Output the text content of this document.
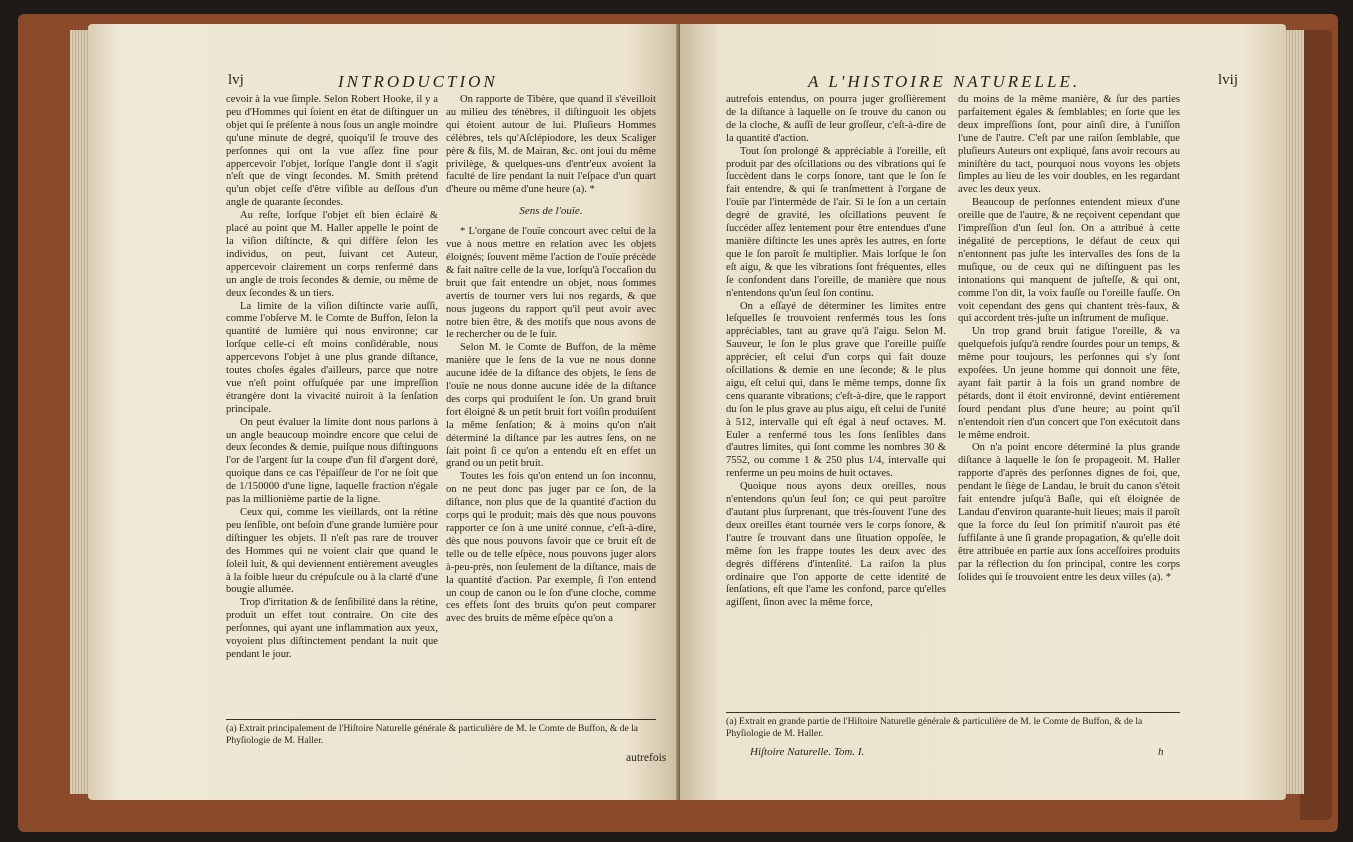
lvj	INTRODUCTION

cevoir à la vue ſimple. Selon Robert Hooke, il y a peu d'Hommes qui ſoient en état de diſtinguer un objet qui ſe préſente à nous ſous un angle moindre qu'une minute de degré, quoiqu'il ſe trouve des perſonnes qui ont la vue aſſez fine pour appercevoir l'objet, lorſque l'angle dont il s'agit n'eſt que de vingt ſecondes. M. Smith prétend qu'un objet ceſſe d'être viſible au deſſous d'un angle de quarante ſecondes.

Au reſte, lorſque l'objet eſt bien éclairé & placé au point que M. Haller appelle le point de la viſion diſtincte, & qui diffère ſelon les individus, on peut, ſuivant cet Auteur, appercevoir clairement un corps renfermé dans un angle de trois ſecondes & demie, ou même de deux ſecondes & un tiers.

La limite de la viſion diſtincte varie auſſi, comme l'obſerve M. le Comte de Buffon, ſelon la quantité de lumière qui nous environne; car lorſque celle-ci eſt moins conſidérable, nous appercevons l'objet à une plus grande diſtance, toutes choſes égales d'ailleurs, parce que notre vue n'eſt point offuſquée par une impreſſion étrangère dont la vivacité nuiroit à la ſenſation principale.

On peut évaluer la limite dont nous parlons à un angle beaucoup moindre encore que celui de deux ſecondes & demie, puiſque nous diſtinguons l'or de l'argent ſur la coupe d'un fil d'argent doré, quoique dans ce cas l'épaiſſeur de l'or ne ſoit que de 1/150000 d'une ligne, laquelle fraction n'égale pas la millionième partie de la ligne.

Ceux qui, comme les vieillards, ont la rétine peu ſenſible, ont beſoin d'une grande lumière pour diſtinguer les objets. Il n'eſt pas rare de trouver des Hommes qui ne voient clair que quand le ſoleil luit, & qui deviennent entièrement aveugles à la foible lueur du crépuſcule ou à la clarté d'une bougie allumée.

Trop d'irritation & de ſenſibilité dans la rétine, produit un effet tout contraire. On cite des perſonnes, qui ayant une inflammation aux yeux, voyoient plus diſtinctement pendant la nuit que pendant le jour.

On rapporte de Tibère, que quand il s'éveilloit au milieu des ténèbres, il diſtinguoit les objets qui étoient autour de lui. Pluſieurs Hommes célèbres, tels qu'Aſclépiodore, les deux Scaliger père & fils, M. de Mairan, &c. ont joui du même privilège, & quelques-uns d'entr'eux avoient la faculté de lire pendant la nuit l'eſpace d'un quart d'heure ou même d'une heure (a). *

Sens de l'ouïe.

* L'organe de l'ouïe concourt avec celui de la vue à nous mettre en relation avec les objets éloignés; ſouvent même l'action de l'ouïe précède & fait naître celle de la vue, lorſqu'à l'occaſion du bruit que fait entendre un objet, nous ſommes avertis de tourner vers lui nos regards, & que nous jugeons du rapport qu'il peut avoir avec notre bien être, & des motifs que nous avons de le rechercher ou de le fuir.

Selon M. le Comte de Buffon, de la même manière que le ſens de la vue ne nous donne aucune idée de la diſtance des objets, le ſens de l'ouïe ne nous donne aucune idée de la diſtance des corps qui produiſent le ſon. Un grand bruit fort éloigné & un petit bruit fort voiſin produiſent la même ſenſation; & à moins qu'on n'ait déterminé la diſtance par les autres ſens, on ne ſait point ſi ce qu'on a entendu eſt en effet un grand ou un petit bruit.

Toutes les fois qu'on entend un ſon inconnu, on ne peut donc pas juger par ce ſon, de la diſtance, non plus que de la quantité d'action du corps qui le produit; mais dès que nous pouvons rapporter ce ſon à une unité connue, c'eſt-à-dire, dès que nous pouvons ſavoir que ce bruit eſt de telle ou de telle eſpèce, nous pouvons juger alors à-peu-près, non ſeulement de la diſtance, mais de la quantité d'action. Par exemple, ſi l'on entend un coup de canon ou le ſon d'une cloche, comme ces effets ſont des bruits qu'on peut comparer avec des bruits de même eſpèce qu'on a

(a) Extrait principalement de l'Hiſtoire Naturelle générale & particulière de M. le Comte de Buffon, & de la Phyſiologie de M. Haller.
autrefois
A L'HISTOIRE NATURELLE.	lvij

autrefois entendus, on pourra juger groſſièrement de la diſtance à laquelle on ſe trouve du canon ou de la cloche, & auſſi de leur groſſeur, c'eſt-à-dire de la quantité d'action.

Tout ſon prolongé & appréciable à l'oreille, eſt produit par des oſcillations ou des vibrations qui ſe ſuccèdent dans le corps ſonore, tant que le ſon ſe fait entendre, & qui ſe tranſmettent à l'organe de l'ouïe par l'intermède de l'air. Si le ſon a un certain degré de gravité, les oſcillations peuvent ſe ſuccéder aſſez lentement pour être entendues d'une manière diſtincte les unes après les autres, en ſorte que le ſon paroît ſe multiplier. Mais lorſque le ſon eſt aigu, & que les vibrations ſont fréquentes, elles ſe confondent dans l'oreille, de manière que nous n'entendons qu'un ſeul ſon continu.

On a eſſayé de déterminer les limites entre leſquelles ſe trouvoient renfermés tous les ſons appréciables, tant au grave qu'à l'aigu. Selon M. Sauveur, le ſon le plus grave que l'oreille puiſſe apprécier, eſt celui d'un corps qui fait douze oſcillations & demie en une ſeconde; & le plus aigu, eſt celui qui, dans le même temps, donne ſix cens quarante vibrations; c'eſt-à-dire, que le rapport du ſon le plus grave au plus aigu, eſt celui de l'unité à 512, intervalle qui eſt égal à neuf octaves. M. Euler a renfermé tous les ſons ſenſibles dans d'autres limites, qui ſont comme les nombres 30 & 7552, ou comme 1 & 250 plus 1/4, intervalle qui renferme un peu moins de huit octaves.

Quoique nous ayons deux oreilles, nous n'entendons qu'un ſeul ſon; ce qui peut paroître d'autant plus ſurprenant, que très-ſouvent l'une des deux oreilles étant tournée vers le corps ſonore, & l'autre ſe trouvant dans une ſituation oppoſée, le même ſon les frappe toutes les deux avec des degrés différens d'intenſité. La raiſon la plus ordinaire que l'on apporte de cette identité de ſenſations, eſt que l'ame les confond, parce qu'elles agiſſent, ſinon avec la même force,

du moins de la même manière, & ſur des parties parfaitement égales & ſemblables; en ſorte que les deux impreſſions ſont, pour ainſi dire, à l'uniſſon l'une de l'autre. C'eſt par une raiſon ſemblable, que pluſieurs Auteurs ont expliqué, ſans avoir recours au miniſtère du tact, pourquoi nous voyons les objets ſimples au lieu de les voir doubles, en les regardant avec les deux yeux.

Beaucoup de perſonnes entendent mieux d'une oreille que de l'autre, & ne reçoivent cependant que l'impreſſion d'un ſeul ſon. On a attribué à cette inégalité de perceptions, le défaut de ceux qui n'entonnent pas juſte les intervalles des ſons de la muſique, ou de ceux qui ne diſtinguent pas les intonations qui manquent de juſteſſe, & qui ont, comme l'on dit, la voix fauſſe ou l'oreille fauſſe. On voit cependant des gens qui chantent très-faux, & qui accordent très-juſte un inſtrument de muſique.

Un trop grand bruit fatigue l'oreille, & va quelquefois juſqu'à rendre ſourdes pour un temps, & même pour toujours, les perſonnes qui s'y ſont expoſées. Un jeune homme qui donnoit une fête, ayant fait partir à la fois un grand nombre de pétards, dont il étoit environné, devint entièrement ſourd pendant plus d'une heure; au point qu'il n'entendoit rien d'un concert que l'on exécutoit dans le même endroit.

On n'a point encore déterminé la plus grande diſtance à laquelle le ſon ſe propageoit. M. Haller rapporte d'après des perſonnes dignes de foi, que, pendant le ſiège de Landau, le bruit du canon s'étoit fait entendre juſqu'à Baſle, qui eſt éloignée de Landau d'environ quarante-huit lieues; mais il paroît que la force du ſeul ſon primitif n'auroit pas été ſuffiſante à une ſi grande propagation, & qu'elle doit être attribuée en partie aux ſons acceſſoires produits par la réflection du ſon principal, contre les corps ſolides qui ſe trouvoient entre les deux villes (a). *

(a) Extrait en grande partie de l'Hiſtoire Naturelle générale & particulière de M. le Comte de Buffon, & de la Phyſiologie de M. Haller.
Hiſtoire Naturelle. Tom. I.	h
